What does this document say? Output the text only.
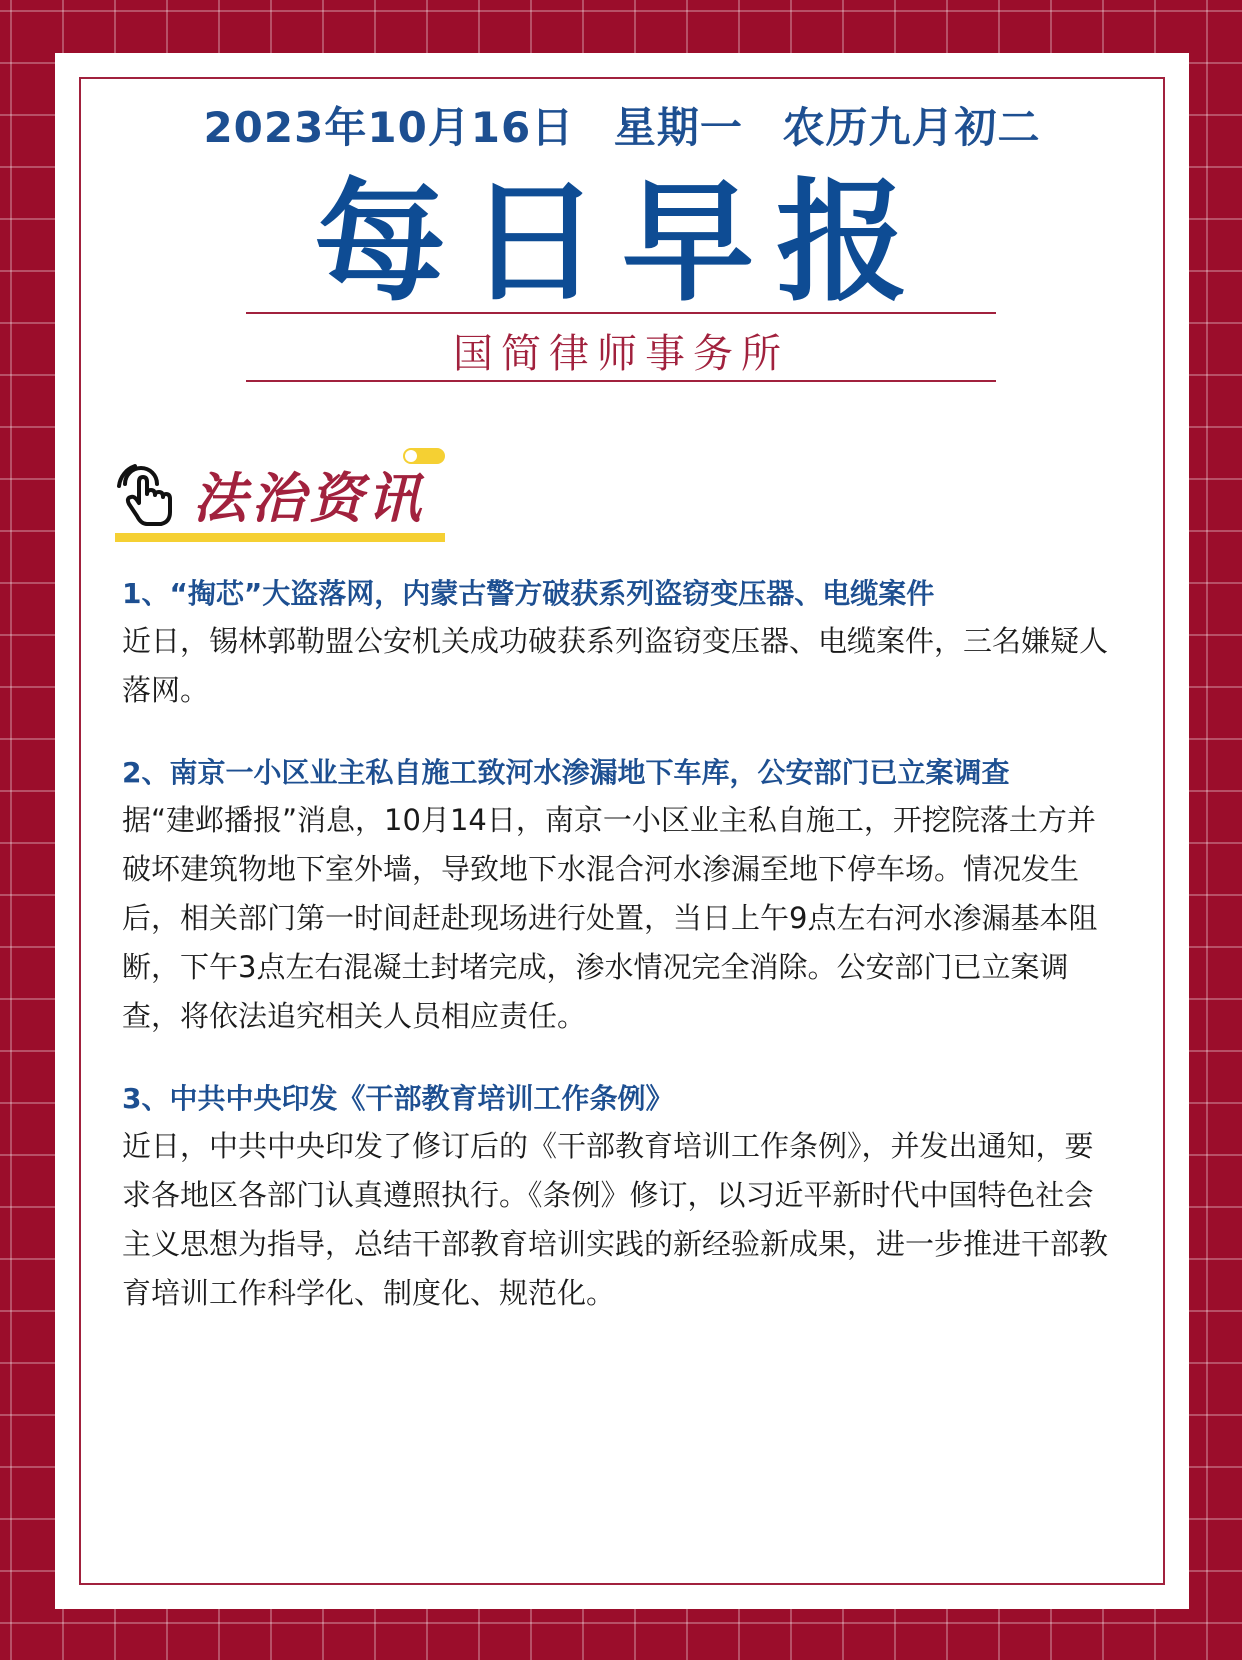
2023年10月16日 星期一 农历九月初二
每日早报
国简律师事务所
法治资讯
1、“掏芯”大盗落网，内蒙古警方破获系列盗窃变压器、电缆案件
近日，锡林郭勒盟公安机关成功破获系列盗窃变压器、电缆案件，三名嫌疑人落网。
2、南京一小区业主私自施工致河水渗漏地下车库，公安部门已立案调查
据“建邺播报”消息，10月14日，南京一小区业主私自施工，开挖院落土方并破坏建筑物地下室外墙，导致地下水混合河水渗漏至地下停车场。情况发生后，相关部门第一时间赶赴现场进行处置，当日上午9点左右河水渗漏基本阻断，下午3点左右混凝土封堵完成，渗水情况完全消除。公安部门已立案调查，将依法追究相关人员相应责任。
3、中共中央印发《干部教育培训工作条例》
近日，中共中央印发了修订后的《干部教育培训工作条例》，并发出通知，要求各地区各部门认真遵照执行。《条例》修订，以习近平新时代中国特色社会主义思想为指导，总结干部教育培训实践的新经验新成果，进一步推进干部教育培训工作科学化、制度化、规范化。
